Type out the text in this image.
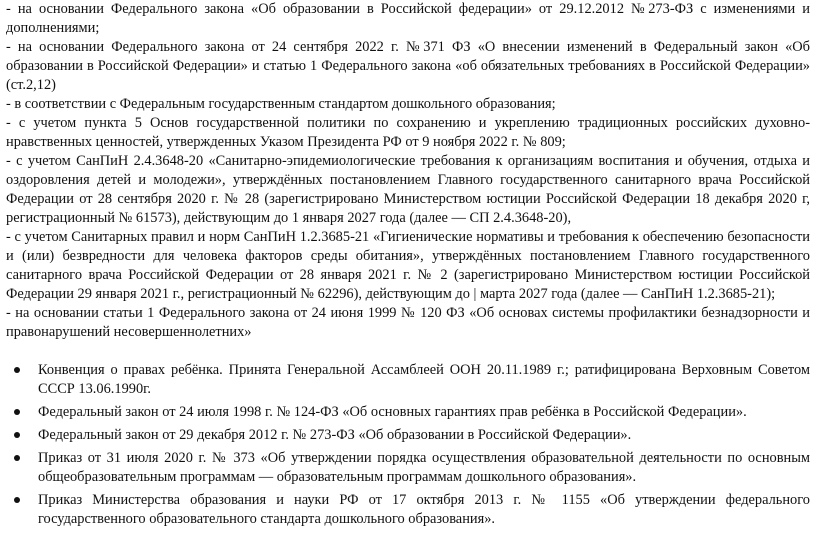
- на основании Федерального закона «Об образовании в Российской федерации» от 29.12.2012 №273-ФЗ с изменениями и дополнениями;

- на основании Федерального закона от 24 сентября 2022 г. №371 ФЗ «О внесении изменений в Федеральный закон «Об образовании в Российской Федерации» и статью 1 Федерального закона «об обязательных требованиях в Российской Федерации» (ст.2,12)

- в соответствии с Федеральным государственным стандартом дошкольного образования;

- с учетом пункта 5 Основ государственной политики по сохранению и укреплению традиционных российских духовно-нравственных ценностей, утвержденных Указом Президента РФ от 9 ноября 2022 г. № 809;

- с учетом СанПиН 2.4.3648-20 «Санитарно-эпидемиологические требования к организациям воспитания и обучения, отдыха и оздоровления детей и молодежи», утверждённых постановлением Главного государственного санитарного врача Российской Федерации от 28 сентября 2020 г. № 28 (зарегистрировано Министерством юстиции Российской Федерации 18 декабря 2020 г, регистрационный № 61573), действующим до 1 января 2027 года (далее — СП 2.4.3648-20),

- с учетом Санитарных правил и норм СанПиН 1.2.3685-21 «Гигиенические нормативы и требования к обеспечению безопасности и (или) безвредности для человека факторов среды обитания», утверждённых постановлением Главного государственного санитарного врача Российской Федерации от 28 января 2021 г. № 2 (зарегистрировано Министерством юстиции Российской Федерации 29 января 2021 г., регистрационный № 62296), действующим до | марта 2027 года (далее — СанПиН 1.2.3685-21);

- на основании статьи 1 Федерального закона от 24 июня 1999 № 120 ФЗ «Об основах системы профилактики безнадзорности и правонарушений несовершеннолетних»

Конвенция о правах ребёнка. Принята Генеральной Ассамблеей ООН 20.11.1989 г.; ратифицирована Верховным Советом СССР 13.06.1990г.
Федеральный закон от 24 июля 1998 г. № 124-ФЗ «Об основных гарантиях прав ребёнка в Российской Федерации».
Федеральный закон от 29 декабря 2012 г. № 273-ФЗ «Об образовании в Российской Федерации».
Приказ от 31 июля 2020 г. № 373 «Об утверждении порядка осуществления образовательной деятельности по основным общеобразовательным программам — образовательным программам дошкольного образования».
Приказ Министерства образования и науки РФ от 17 октября 2013 г. № 1155 «Об утверждении федерального государственного образовательного стандарта дошкольного образования».
